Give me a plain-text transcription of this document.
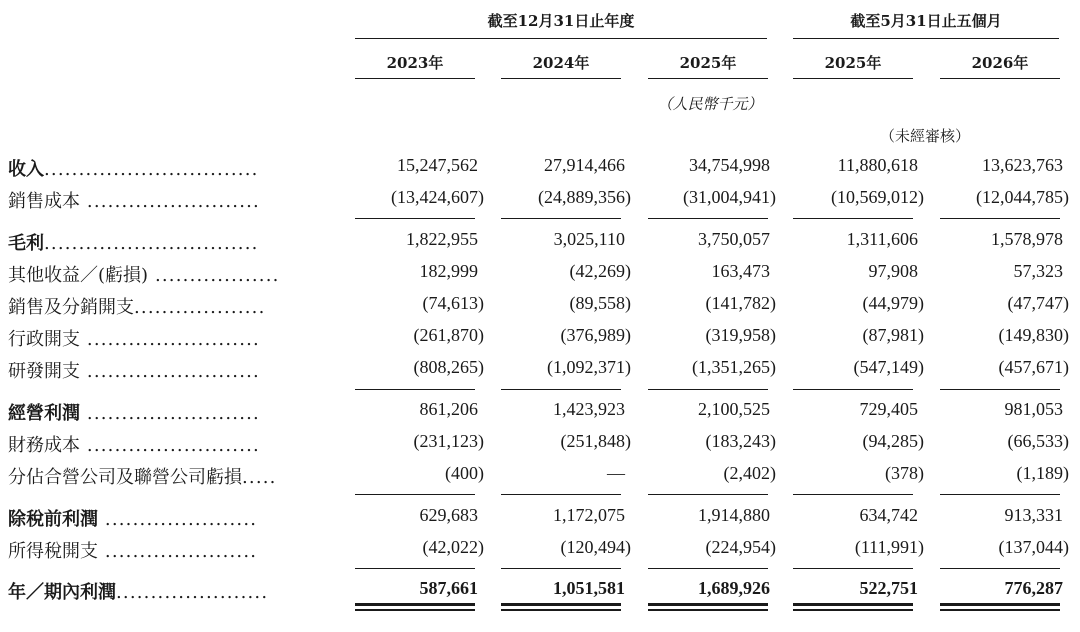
截至12月31日止年度	截至5月31日止五個月
2023年	2024年	2025年	2025年	2026年
（人民幣千元）
（未經審核）
收入...............................	15,247,562	27,914,466	34,754,998	11,880,618	13,623,763
銷售成本 .........................	(13,424,607)	(24,889,356)	(31,004,941)	(10,569,012)	(12,044,785)
毛利...............................	1,822,955	3,025,110	3,750,057	1,311,606	1,578,978
其他收益／(虧損) ..................	182,999	(42,269)	163,473	97,908	57,323
銷售及分銷開支...................	(74,613)	(89,558)	(141,782)	(44,979)	(47,747)
行政開支 .........................	(261,870)	(376,989)	(319,958)	(87,981)	(149,830)
研發開支 .........................	(808,265)	(1,092,371)	(1,351,265)	(547,149)	(457,671)
經營利潤 .........................	861,206	1,423,923	2,100,525	729,405	981,053
財務成本 .........................	(231,123)	(251,848)	(183,243)	(94,285)	(66,533)
分佔合營公司及聯營公司虧損.....	(400)	—	(2,402)	(378)	(1,189)
除稅前利潤 ......................	629,683	1,172,075	1,914,880	634,742	913,331
所得稅開支 ......................	(42,022)	(120,494)	(224,954)	(111,991)	(137,044)
年／期內利潤......................	587,661	1,051,581	1,689,926	522,751	776,287
